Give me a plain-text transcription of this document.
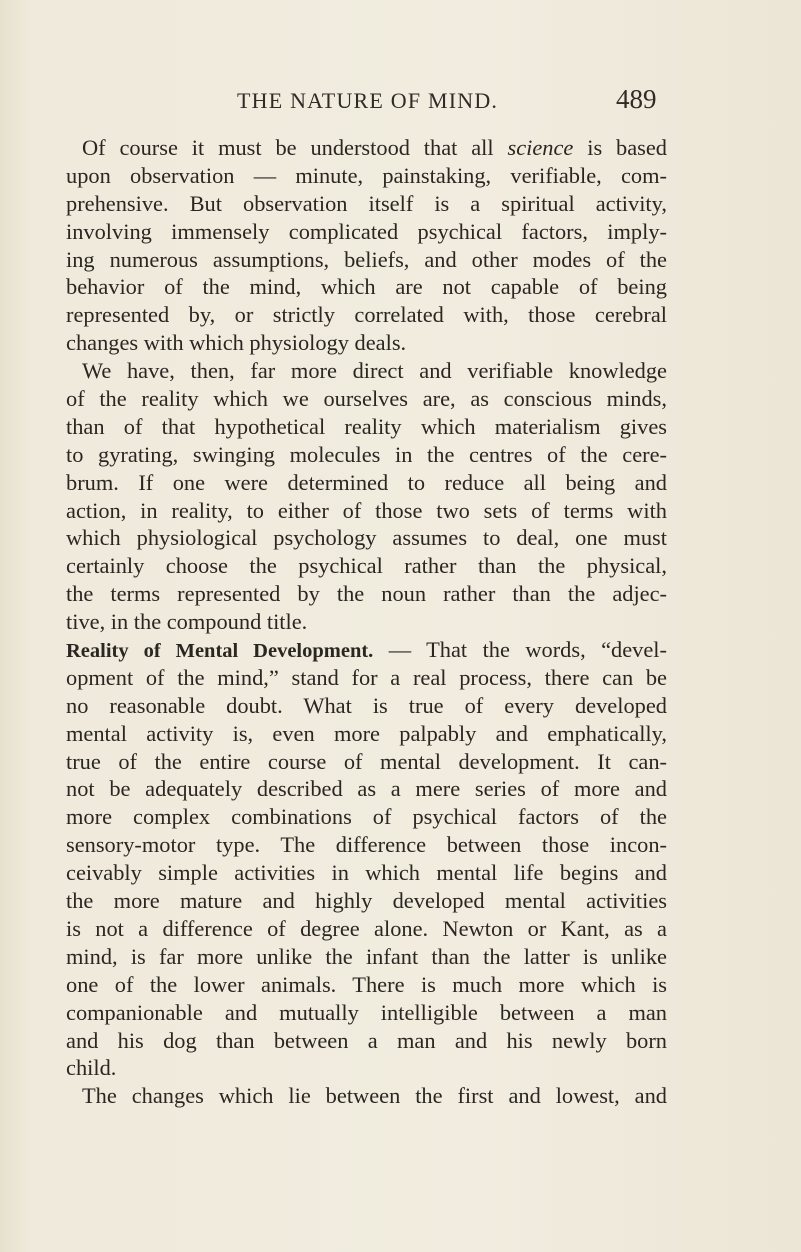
THE NATURE OF MIND.	489
Of course it must be understood that all science is based
upon observation — minute, painstaking, verifiable, com-
prehensive. But observation itself is a spiritual activity,
involving immensely complicated psychical factors, imply-
ing numerous assumptions, beliefs, and other modes of the
behavior of the mind, which are not capable of being
represented by, or strictly correlated with, those cerebral
changes with which physiology deals.
We have, then, far more direct and verifiable knowledge
of the reality which we ourselves are, as conscious minds,
than of that hypothetical reality which materialism gives
to gyrating, swinging molecules in the centres of the cere-
brum. If one were determined to reduce all being and
action, in reality, to either of those two sets of terms with
which physiological psychology assumes to deal, one must
certainly choose the psychical rather than the physical,
the terms represented by the noun rather than the adjec-
tive, in the compound title.
Reality of Mental Development. — That the words, “devel-
opment of the mind,” stand for a real process, there can be
no reasonable doubt. What is true of every developed
mental activity is, even more palpably and emphatically,
true of the entire course of mental development. It can-
not be adequately described as a mere series of more and
more complex combinations of psychical factors of the
sensory-motor type. The difference between those incon-
ceivably simple activities in which mental life begins and
the more mature and highly developed mental activities
is not a difference of degree alone. Newton or Kant, as a
mind, is far more unlike the infant than the latter is unlike
one of the lower animals. There is much more which is
companionable and mutually intelligible between a man
and his dog than between a man and his newly born
child.
The changes which lie between the first and lowest, and
